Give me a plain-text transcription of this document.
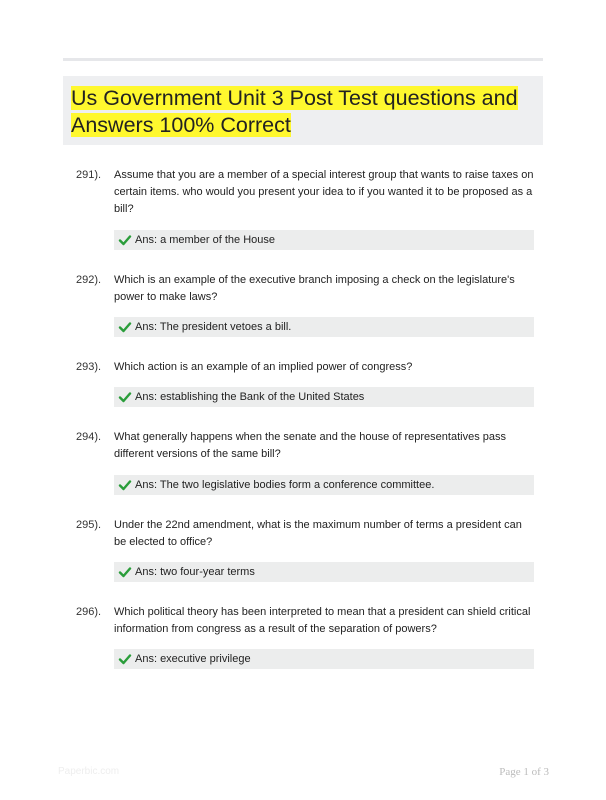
Us Government Unit 3 Post Test questions and
Answers 100% Correct
291). Assume that you are a member of a special interest group that wants to raise taxes on certain items. who would you present your idea to if you wanted it to be proposed as a bill?
Ans: a member of the House
292). Which is an example of the executive branch imposing a check on the legislature's power to make laws?
Ans: The president vetoes a bill.
293). Which action is an example of an implied power of congress?
Ans: establishing the Bank of the United States
294). What generally happens when the senate and the house of representatives pass different versions of the same bill?
Ans: The two legislative bodies form a conference committee.
295). Under the 22nd amendment, what is the maximum number of terms a president can be elected to office?
Ans: two four-year terms
296). Which political theory has been interpreted to mean that a president can shield critical information from congress as a result of the separation of powers?
Ans: executive privilege
Paperbic.com	Page 1 of 3
